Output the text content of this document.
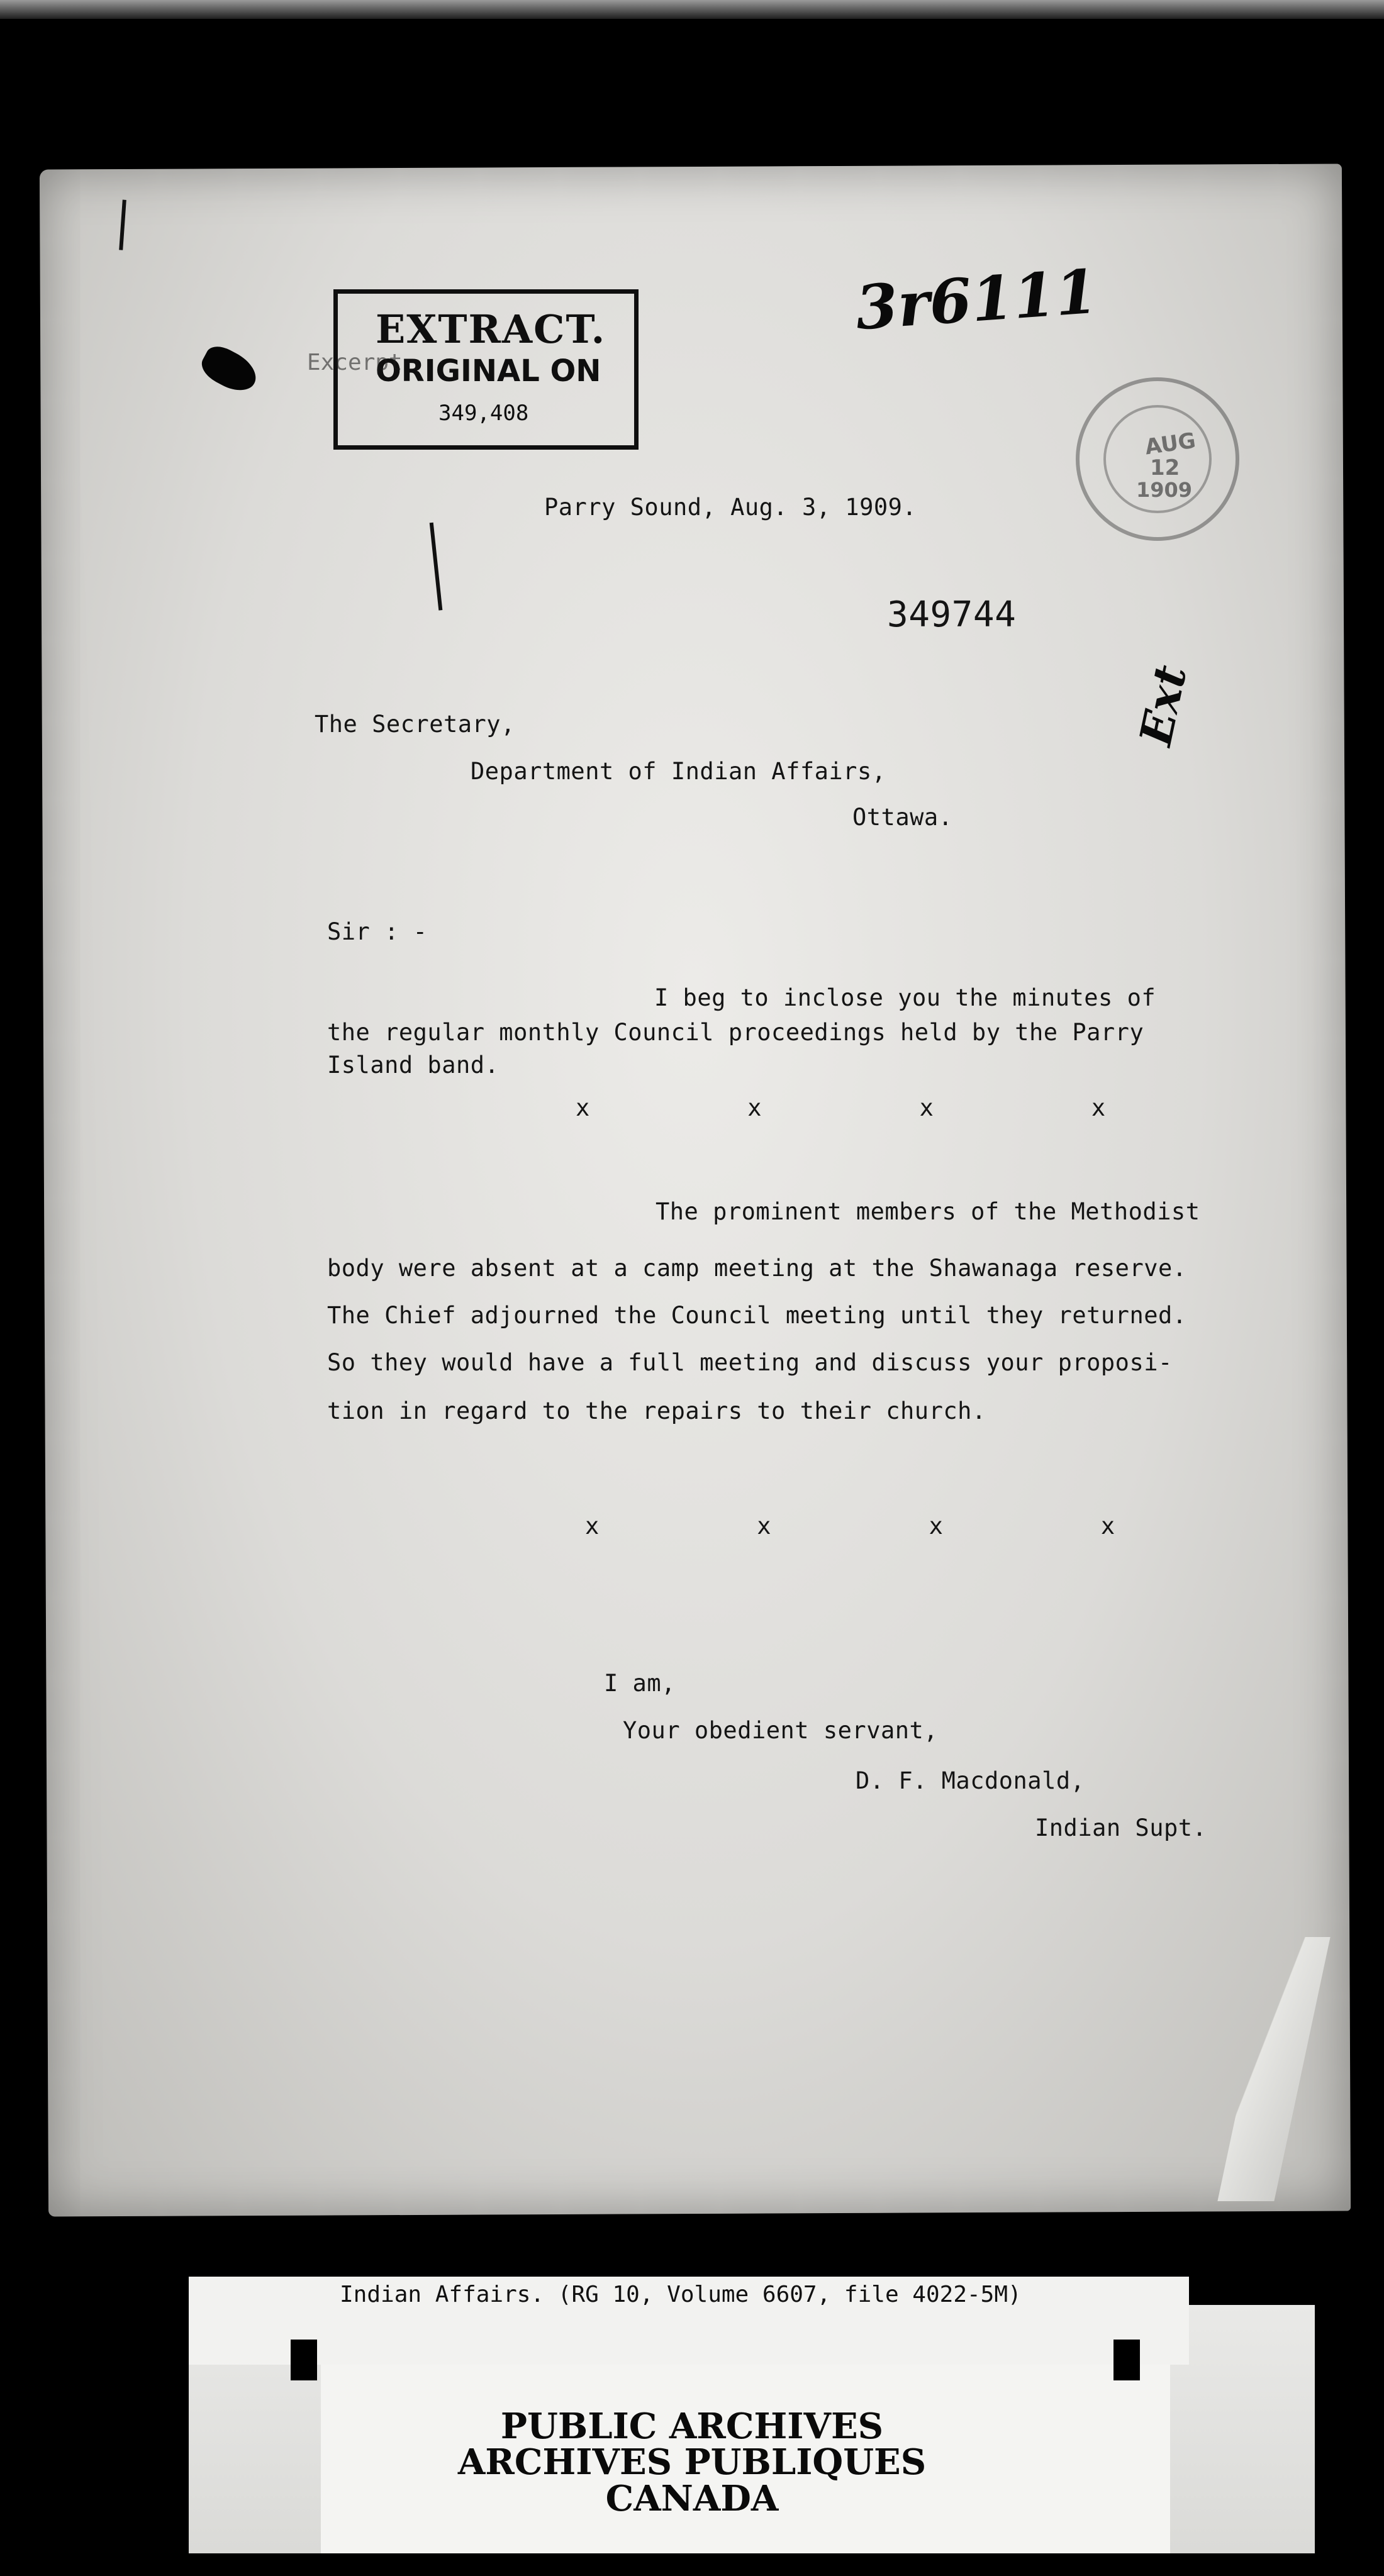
3r6111
EXTRACT.
ORIGINAL ON
349,408
Excerpt
AUG
12
1909
Parry Sound, Aug. 3, 1909.
349744
Ext
The Secretary,
Department of Indian Affairs,
Ottawa.
Sir : -
I beg to inclose you the minutes of
the regular monthly Council proceedings held by the Parry
Island band.
x           x           x           x
The prominent members of the Methodist
body were absent at a camp meeting at the Shawanaga reserve.
The Chief adjourned the Council meeting until they returned.
So they would have a full meeting and discuss your proposi-
tion in regard to the repairs to their church.
x           x           x           x
I am,
Your obedient servant,
D. F. Macdonald,
Indian Supt.
Indian Affairs. (RG 10, Volume 6607, file 4022-5M)
PUBLIC ARCHIVES
ARCHIVES PUBLIQUES
CANADA
